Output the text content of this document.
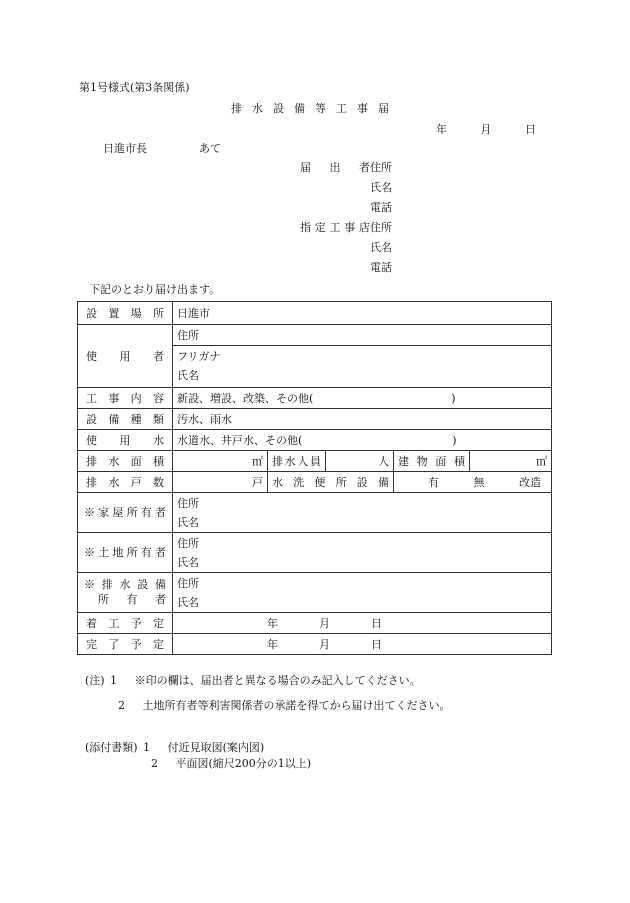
第1号様式(第3条関係)
排水設備等工事届
年	月	日
日進市長	あて
届出者 住所
氏名
電話
指定工事店 住所
氏名
電話
下記のとおり届け出ます。
設置場所	日進市				
使用者	住所
フリガナ
氏名				

工事内容	新設、増設、改築、その他( )				
設備種類	汚水、雨水				
使用水	水道水、井戸水、その他( )				
排水面積	㎡	排水人員	人	建物面積	㎡
排水戸数	戸	水洗便所設備		有 無 改造	

※家屋所有者	住所
氏名				

※土地所有者	住所
氏名				

※排水設備
所有者	住所
氏名				

着工予定	年 月 日				

完了予定	年 月 日				
(注) 1 ※印の欄は、届出者と異なる場合のみ記入してください。
2 土地所有者等利害関係者の承諾を得てから届け出てください。
(添付書類) 1 付近見取図(案内図)
2 平面図(縮尺200分の1以上)
